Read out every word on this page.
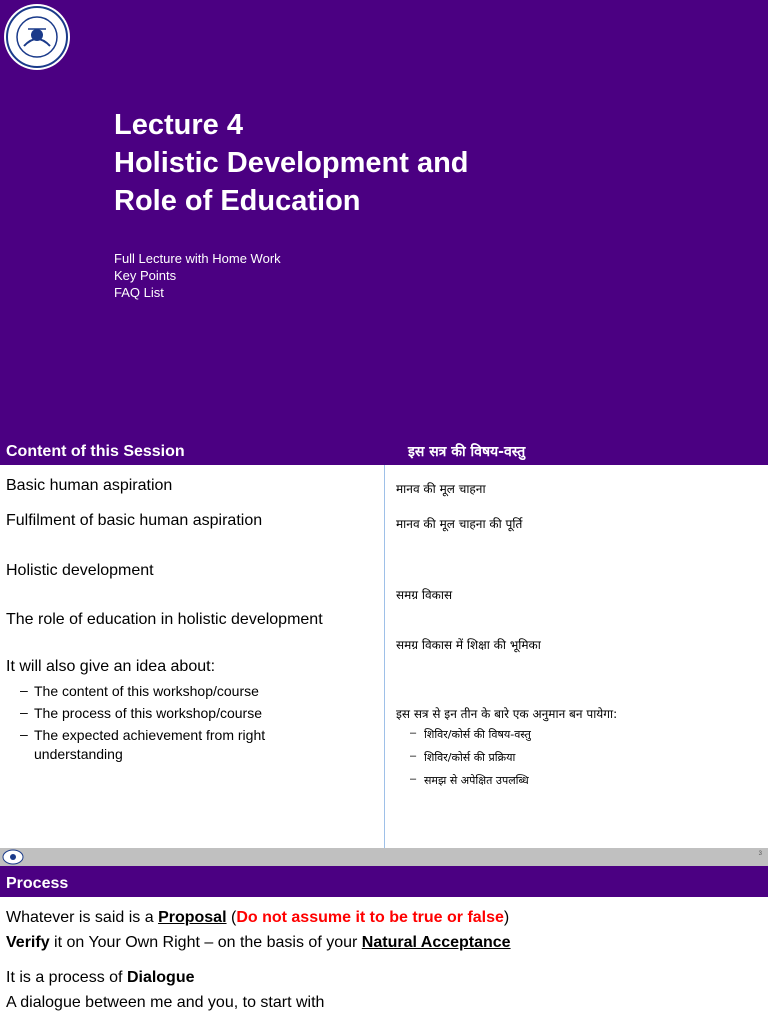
Lecture 4
Holistic Development and
Role of Education
Full Lecture with Home Work
Key Points
FAQ List
Content of this Session	इस सत्र की विषय-वस्तु
Basic human aspiration
Fulfilment of basic human aspiration
Holistic development
The role of education in holistic development
It will also give an idea about:
– The content of this workshop/course
– The process of this workshop/course
– The expected achievement from right
understanding
मानव की मूल चाहना
मानव की मूल चाहना की पूर्ति
समग्र विकास
समग्र विकास में शिक्षा की भूमिका
इस सत्र से इन तीन के बारे एक अनुमान बन पायेगा:
– शिविर/कोर्स की विषय-वस्तु
– शिविर/कोर्स की प्रक्रिया
– समझ से अपेक्षित उपलब्धि
3
Process
Whatever is said is a Proposal (Do not assume it to be true or false)
Verify it on Your Own Right – on the basis of your Natural Acceptance
It is a process of Dialogue
A dialogue between me and you, to start with
